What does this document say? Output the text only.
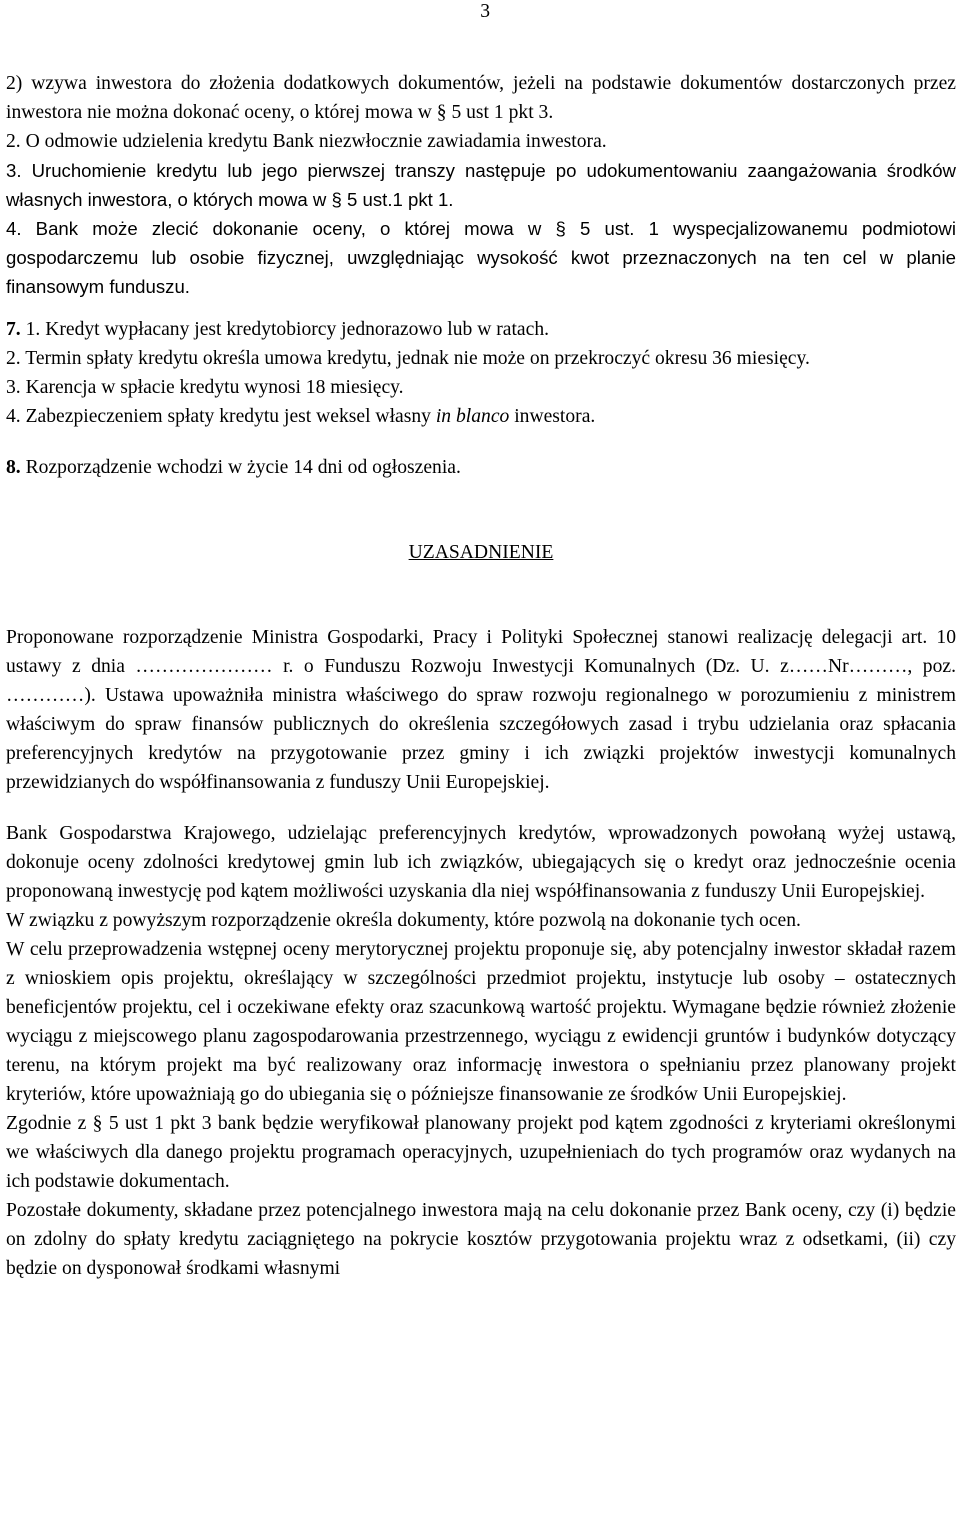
3

2) wzywa inwestora do złożenia dodatkowych dokumentów, jeżeli na podstawie dokumentów dostarczonych przez inwestora nie można dokonać oceny, o której mowa w § 5 ust 1 pkt 3.

2. O odmowie udzielenia kredytu Bank niezwłocznie zawiadamia inwestora.

3. Uruchomienie kredytu lub jego pierwszej transzy następuje po udokumentowaniu zaangażowania środków własnych inwestora, o których mowa w § 5 ust.1 pkt 1.

4. Bank może zlecić dokonanie oceny, o której mowa w § 5 ust. 1 wyspecjalizowanemu podmiotowi gospodarczemu lub osobie fizycznej, uwzględniając wysokość kwot przeznaczonych na ten cel w planie finansowym funduszu.

7. 1. Kredyt wypłacany jest kredytobiorcy jednorazowo lub w ratach.

2. Termin spłaty kredytu określa umowa kredytu, jednak nie może on przekroczyć okresu 36 miesięcy.

3. Karencja w spłacie kredytu wynosi 18 miesięcy.

4. Zabezpieczeniem spłaty kredytu jest weksel własny in blanco inwestora.

8. Rozporządzenie wchodzi w życie 14 dni od ogłoszenia.

UZASADNIENIE

Proponowane rozporządzenie Ministra Gospodarki, Pracy i Polityki Społecznej stanowi realizację delegacji art. 10 ustawy z dnia ………………… r. o Funduszu Rozwoju Inwestycji Komunalnych (Dz. U. z……Nr………, poz. …………). Ustawa upoważniła ministra właściwego do spraw rozwoju regionalnego w porozumieniu z ministrem właściwym do spraw finansów publicznych do określenia szczegółowych zasad i trybu udzielania oraz spłacania preferencyjnych kredytów na przygotowanie przez gminy i ich związki projektów inwestycji komunalnych przewidzianych do współfinansowania z funduszy Unii Europejskiej.

Bank Gospodarstwa Krajowego, udzielając preferencyjnych kredytów, wprowadzonych powołaną wyżej ustawą, dokonuje oceny zdolności kredytowej gmin lub ich związków, ubiegających się o kredyt oraz jednocześnie ocenia proponowaną inwestycję pod kątem możliwości uzyskania dla niej współfinansowania z funduszy Unii Europejskiej.

W związku z powyższym rozporządzenie określa dokumenty, które pozwolą na dokonanie tych ocen.

W celu przeprowadzenia wstępnej oceny merytorycznej projektu proponuje się, aby potencjalny inwestor składał razem z wnioskiem opis projektu, określający w szczególności przedmiot projektu, instytucje lub osoby – ostatecznych beneficjentów projektu, cel i oczekiwane efekty oraz szacunkową wartość projektu. Wymagane będzie również złożenie wyciągu z miejscowego planu zagospodarowania przestrzennego, wyciągu z ewidencji gruntów i budynków dotyczący terenu, na którym projekt ma być realizowany oraz informację inwestora o spełnianiu przez planowany projekt kryteriów, które upoważniają go do ubiegania się o późniejsze finansowanie ze środków Unii Europejskiej.

Zgodnie z § 5 ust 1 pkt 3 bank będzie weryfikował planowany projekt pod kątem zgodności z kryteriami określonymi we właściwych dla danego projektu programach operacyjnych, uzupełnieniach do tych programów oraz wydanych na ich podstawie dokumentach.

Pozostałe dokumenty, składane przez potencjalnego inwestora mają na celu dokonanie przez Bank oceny, czy (i) będzie on zdolny do spłaty kredytu zaciągniętego na pokrycie kosztów przygotowania projektu wraz z odsetkami, (ii) czy będzie on dysponował środkami własnymi
